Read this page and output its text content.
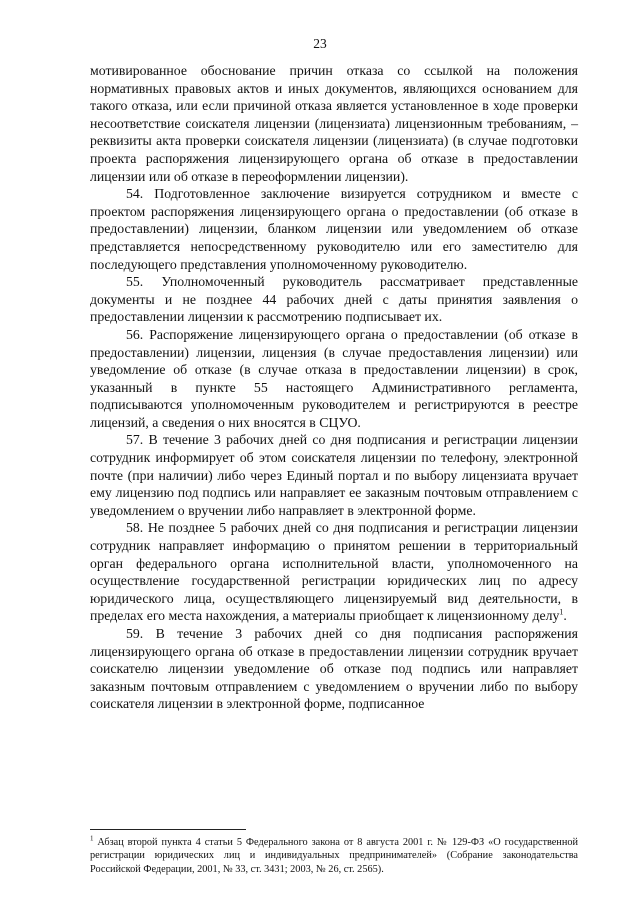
23

мотивированное обоснование причин отказа со ссылкой на положения нормативных правовых актов и иных документов, являющихся основанием для такого отказа, или если причиной отказа является установленное в ходе проверки несоответствие соискателя лицензии (лицензиата) лицензионным требованиям, – реквизиты акта проверки соискателя лицензии (лицензиата) (в случае подготовки проекта распоряжения лицензирующего органа об отказе в предоставлении лицензии или об отказе в переоформлении лицензии).

54. Подготовленное заключение визируется сотрудником и вместе с проектом распоряжения лицензирующего органа о предоставлении (об отказе в предоставлении) лицензии, бланком лицензии или уведомлением об отказе представляется непосредственному руководителю или его заместителю для последующего представления уполномоченному руководителю.

55. Уполномоченный руководитель рассматривает представленные документы и не позднее 44 рабочих дней с даты принятия заявления о предоставлении лицензии к рассмотрению подписывает их.

56. Распоряжение лицензирующего органа о предоставлении (об отказе в предоставлении) лицензии, лицензия (в случае предоставления лицензии) или уведомление об отказе (в случае отказа в предоставлении лицензии) в срок, указанный в пункте 55 настоящего Административного регламента, подписываются уполномоченным руководителем и регистрируются в реестре лицензий, а сведения о них вносятся в СЦУО.

57. В течение 3 рабочих дней со дня подписания и регистрации лицензии сотрудник информирует об этом соискателя лицензии по телефону, электронной почте (при наличии) либо через Единый портал и по выбору лицензиата вручает ему лицензию под подпись или направляет ее заказным почтовым отправлением с уведомлением о вручении либо направляет в электронной форме.

58. Не позднее 5 рабочих дней со дня подписания и регистрации лицензии сотрудник направляет информацию о принятом решении в территориальный орган федерального органа исполнительной власти, уполномоченного на осуществление государственной регистрации юридических лиц по адресу юридического лица, осуществляющего лицензируемый вид деятельности, в пределах его места нахождения, а материалы приобщает к лицензионному делу$^1$.

59. В течение 3 рабочих дней со дня подписания распоряжения лицензирующего органа об отказе в предоставлении лицензии сотрудник вручает соискателю лицензии уведомление об отказе под подпись или направляет заказным почтовым отправлением с уведомлением о вручении либо по выбору соискателя лицензии в электронной форме, подписанное

$^1$ Абзац второй пункта 4 статьи 5 Федерального закона от 8 августа 2001 г. № 129-ФЗ «О государственной регистрации юридических лиц и индивидуальных предпринимателей» (Собрание законодательства Российской Федерации, 2001, № 33, ст. 3431; 2003, № 26, ст. 2565).
